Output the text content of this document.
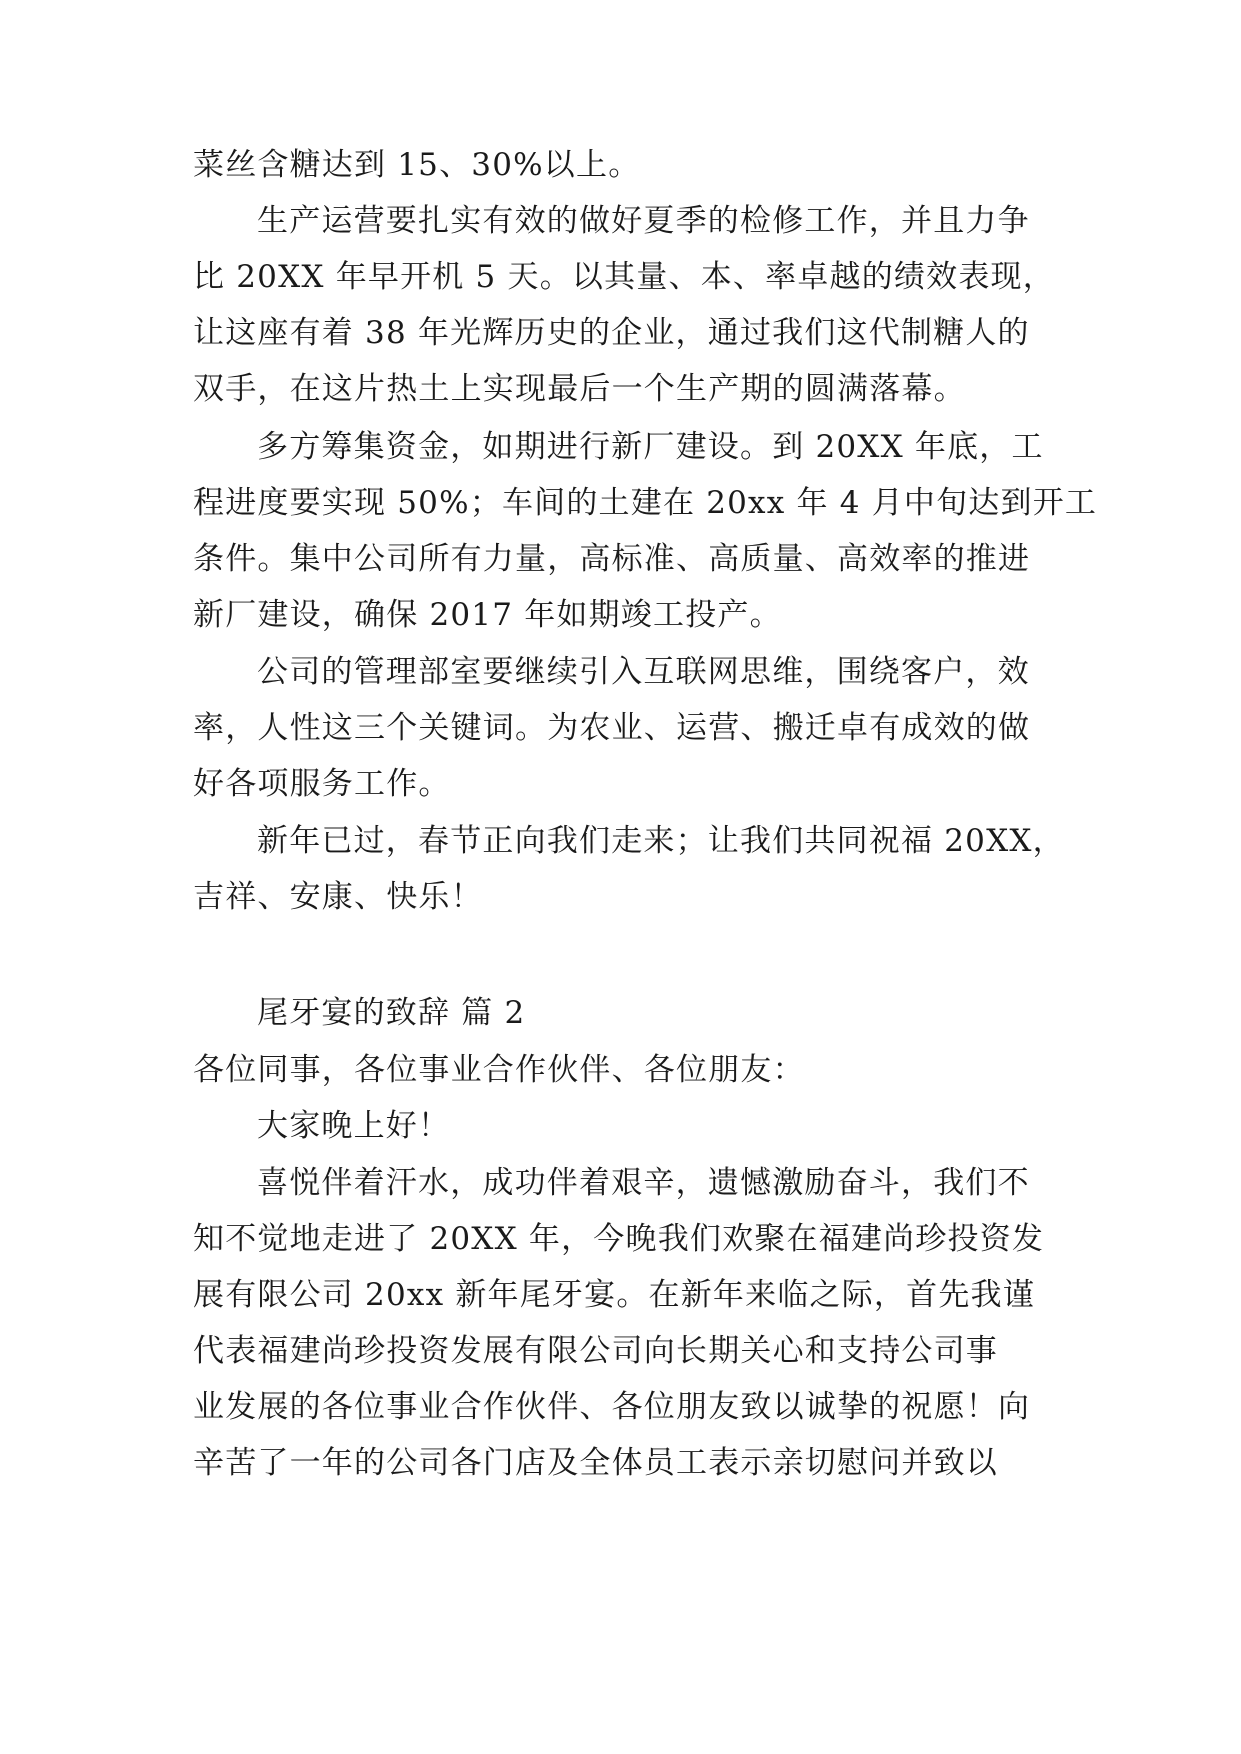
菜丝含糖达到 15、30%以上。

生产运营要扎实有效的做好夏季的检修工作，并且力争

比 20XX 年早开机 5 天。以其量、本、率卓越的绩效表现，

让这座有着 38 年光辉历史的企业，通过我们这代制糖人的

双手，在这片热土上实现最后一个生产期的圆满落幕。

多方筹集资金，如期进行新厂建设。到 20XX 年底，工

程进度要实现 50%；车间的土建在 20xx 年 4 月中旬达到开工

条件。集中公司所有力量，高标准、高质量、高效率的推进

新厂建设，确保 2017 年如期竣工投产。

公司的管理部室要继续引入互联网思维，围绕客户，效

率，人性这三个关键词。为农业、运营、搬迁卓有成效的做

好各项服务工作。

新年已过，春节正向我们走来；让我们共同祝福 20XX，

吉祥、安康、快乐！

尾牙宴的致辞 篇 2

各位同事，各位事业合作伙伴、各位朋友：

大家晚上好！

喜悦伴着汗水，成功伴着艰辛，遗憾激励奋斗，我们不

知不觉地走进了 20XX 年，今晚我们欢聚在福建尚珍投资发

展有限公司 20xx 新年尾牙宴。在新年来临之际，首先我谨

代表福建尚珍投资发展有限公司向长期关心和支持公司事

业发展的各位事业合作伙伴、各位朋友致以诚挚的祝愿！向

辛苦了一年的公司各门店及全体员工表示亲切慰问并致以
